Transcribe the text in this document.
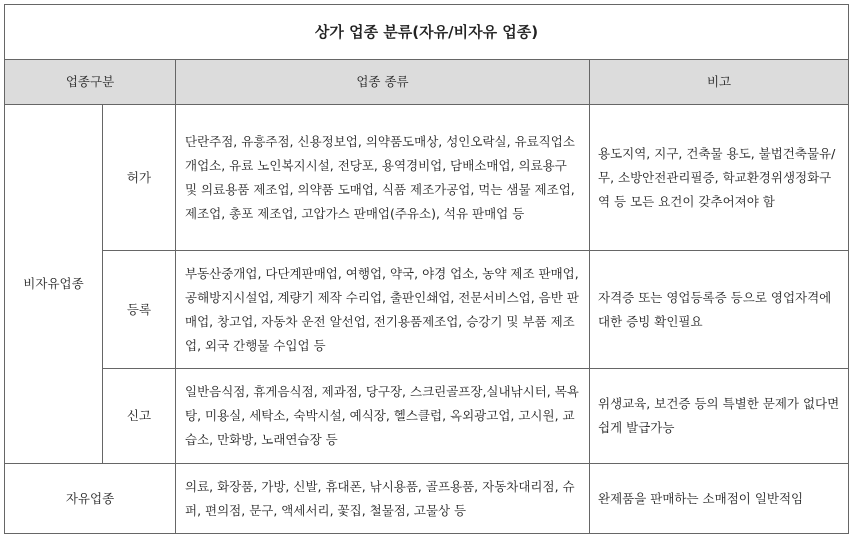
상가 업종 분류(자유/비자유 업종)			
업종구분		업종 종류	비고
비자유업종	허가	단란주점, 유흥주점, 신용정보업, 의약품도매상, 성인오락실, 유료직업소개업소, 유료 노인복지시설, 전당포, 용역경비업, 담배소매업, 의료용구 및 의료용품 제조업, 의약품 도매업, 식품 제조가공업, 먹는 샘물 제조업, 제조업, 총포 제조업, 고압가스 판매업(주유소), 석유 판매업 등	용도지역, 지구, 건축물 용도, 불법건축물유/무, 소방안전관리필증, 학교환경위생정화구역 등 모든 요건이 갖추어져야 함
	등록	부동산중개업, 다단계판매업, 여행업, 약국, 야경 업소, 농약 제조 판매업, 공해방지시설업, 계량기 제작 수리업, 출판인쇄업, 전문서비스업, 음반 판매업, 창고업, 자동차 운전 알선업, 전기용품제조업, 승강기 및 부품 제조업, 외국 간행물 수입업 등	자격증 또는 영업등록증 등으로 영업자격에 대한 증빙 확인필요
	신고	일반음식점, 휴게음식점, 제과점, 당구장, 스크린골프장,실내낚시터, 목욕탕, 미용실, 세탁소, 숙박시설, 예식장, 헬스클럽, 옥외광고업, 고시원, 교습소, 만화방, 노래연습장 등	위생교육, 보건증 등의 특별한 문제가 없다면 쉽게 발급가능
자유업종		의료, 화장품, 가방, 신발, 휴대폰, 낚시용품, 골프용품, 자동차대리점, 슈퍼, 편의점, 문구, 액세서리, 꽃집, 철물점, 고물상 등	완제품을 판매하는 소매점이 일반적임
